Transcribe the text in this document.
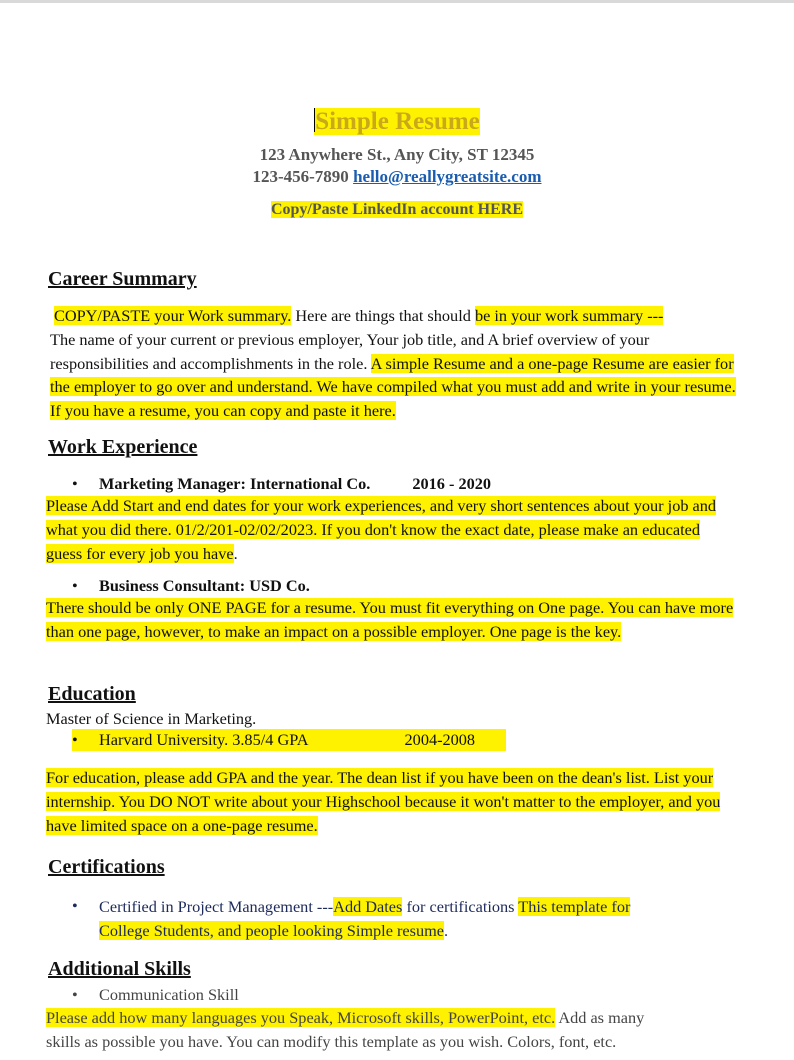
Simple Resume
123 Anywhere St., Any City, ST 12345
123-456-7890 hello@reallygreatsite.com
Copy/Paste LinkedIn account HERE
Career Summary

COPY/PASTE your Work summary. Here are things that should be in your work summary ---
The name of your current or previous employer, Your job title, and A brief overview of your responsibilities and accomplishments in the role. A simple Resume and a one-page Resume are easier for the employer to go over and understand. We have compiled what you must add and write in your resume. If you have a resume, you can copy and paste it here.

Work Experience
• Marketing Manager: International Co.	2016 - 2020

Please Add Start and end dates for your work experiences, and very short sentences about your job and what you did there. 01/2/201-02/02/2023. If you don't know the exact date, please make an educated guess for every job you have.

• Business Consultant: USD Co.

There should be only ONE PAGE for a resume. You must fit everything on One page. You can have more than one page, however, to make an impact on a possible employer. One page is the key.

Education
Master of Science in Marketing.
• Harvard University. 3.85/4 GPA	2004-2008

For education, please add GPA and the year. The dean list if you have been on the dean's list. List your internship. You DO NOT write about your Highschool because it won't matter to the employer, and you have limited space on a one-page resume.

Certifications
• Certified in Project Management ---Add Dates for certifications This template for
College Students, and people looking Simple resume.
Additional Skills
• Communication Skill

Please add how many languages you Speak, Microsoft skills, PowerPoint, etc. Add as many
skills as possible you have. You can modify this template as you wish. Colors, font, etc.
